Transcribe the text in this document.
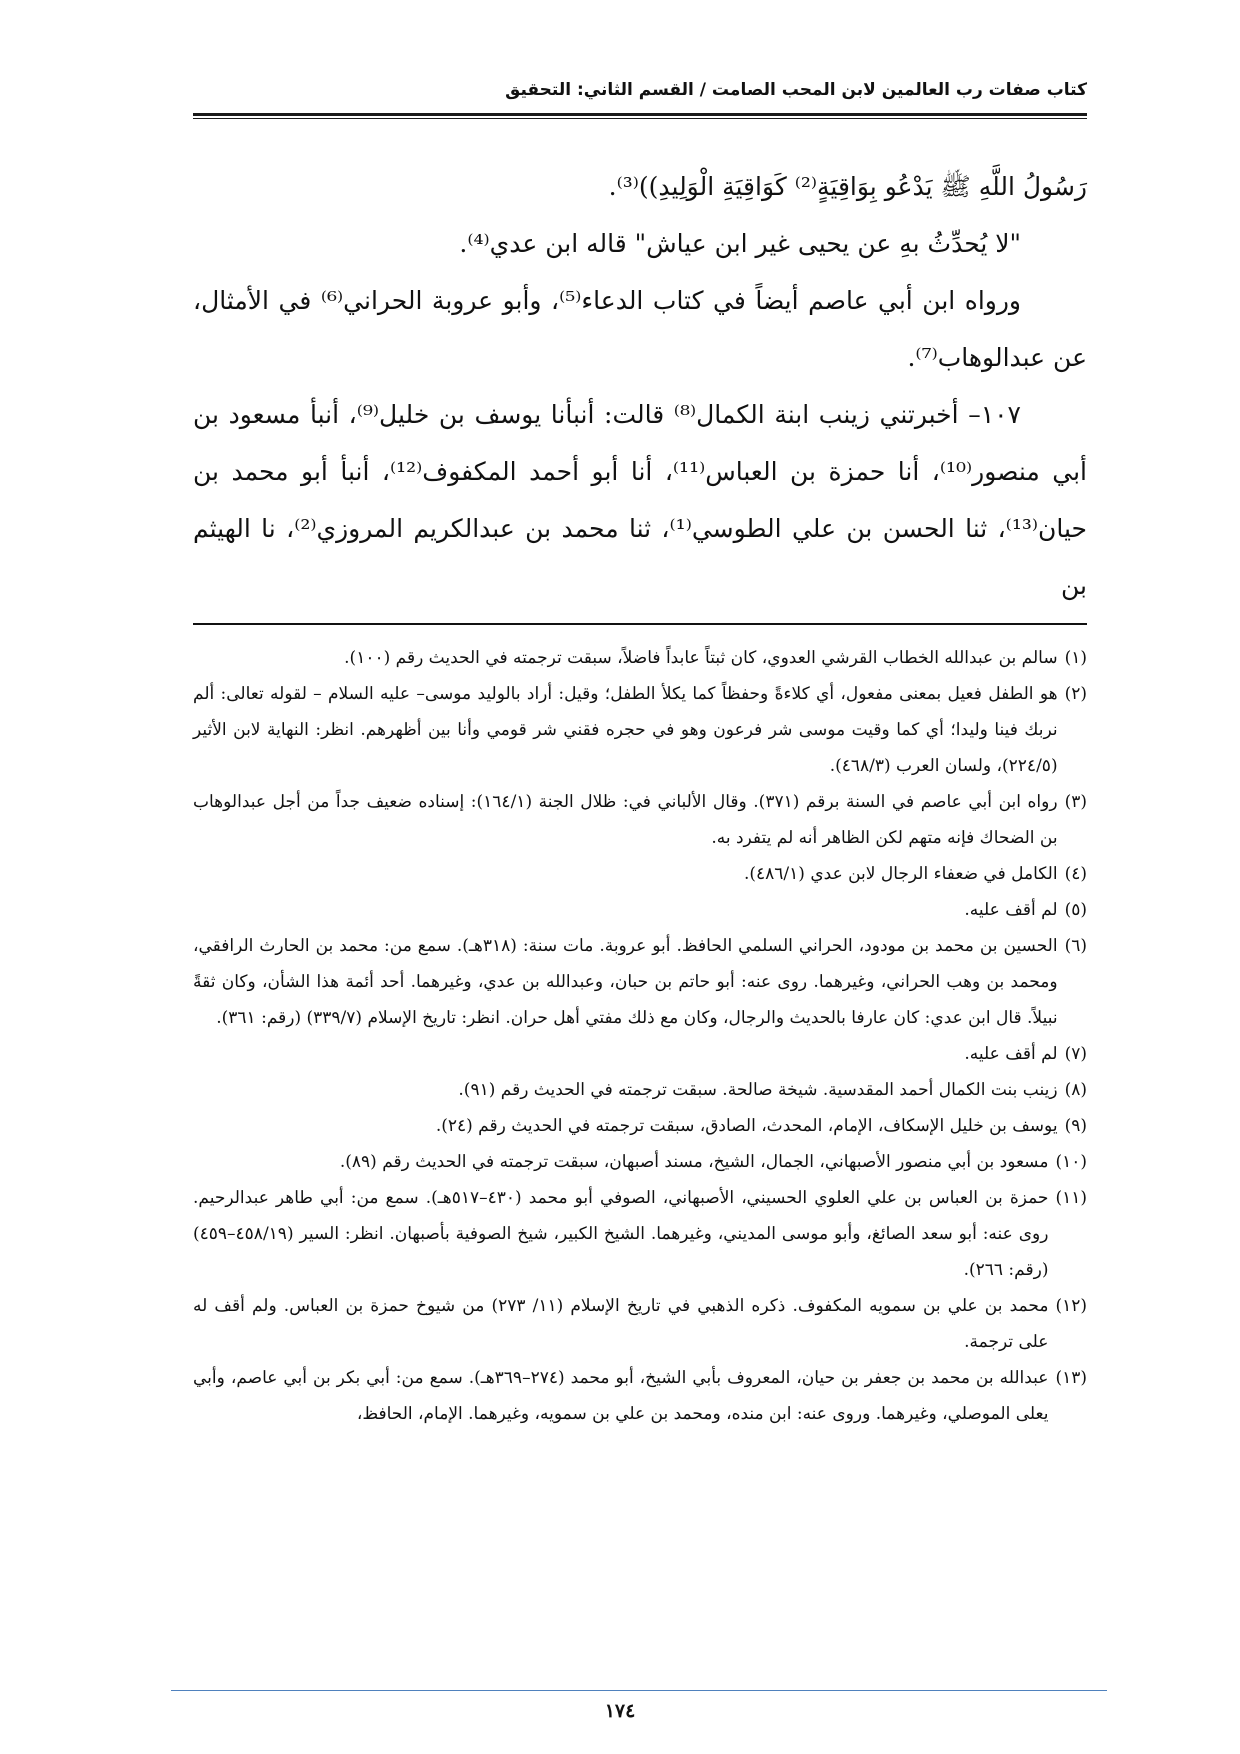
كتاب صفات رب العالمين لابن المحب الصامت / القسم الثاني: التحقيق

رَسُولُ اللَّهِ ﷺ يَدْعُو بِوَاقِيَةٍ⁽²⁾ كَوَاقِيَةِ الْوَلِيدِ))⁽³⁾.

"لا يُحدِّثُ بهِ عن يحيى غير ابن عياش" قاله ابن عدي⁽⁴⁾.

ورواه ابن أبي عاصم أيضاً في كتاب الدعاء⁽⁵⁾، وأبو عروبة الحراني⁽⁶⁾ في الأمثال، عن عبدالوهاب⁽⁷⁾.

١٠٧– أخبرتني زينب ابنة الكمال⁽⁸⁾ قالت: أنبأنا يوسف بن خليل⁽⁹⁾، أنبأ مسعود بن أبي منصور⁽¹⁰⁾، أنا حمزة بن العباس⁽¹¹⁾، أنا أبو أحمد المكفوف⁽¹²⁾، أنبأ أبو محمد بن حيان⁽¹³⁾، ثنا الحسن بن علي الطوسي⁽¹⁾، ثنا محمد بن عبدالكريم المروزي⁽²⁾، نا الهيثم بن

(١)
سالم بن عبدالله الخطاب القرشي العدوي، كان ثبتاً عابداً فاضلاً، سبقت ترجمته في الحديث رقم (١٠٠).
(٢)
هو الطفل فعيل بمعنى مفعول، أي كلاءةً وحفظاً كما يكلأ الطفل؛ وقيل: أراد بالوليد موسى– عليه السلام – لقوله تعالى: ألم نربك فينا وليدا؛ أي كما وقيت موسى شر فرعون وهو في حجره فقني شر قومي وأنا بين أظهرهم. انظر: النهاية لابن الأثير (٢٢٤/٥)، ولسان العرب (٤٦٨/٣).
(٣)
رواه ابن أبي عاصم في السنة برقم (٣٧١). وقال الألباني في: ظلال الجنة (١٦٤/١): إسناده ضعيف جداً من أجل عبدالوهاب بن الضحاك فإنه متهم لكن الظاهر أنه لم يتفرد به.
(٤)
الكامل في ضعفاء الرجال لابن عدي (٤٨٦/١).
(٥)
لم أقف عليه.
(٦)
الحسين بن محمد بن مودود، الحراني السلمي الحافظ. أبو عروبة. مات سنة: (٣١٨هـ). سمع من: محمد بن الحارث الرافقي، ومحمد بن وهب الحراني، وغيرهما. روى عنه: أبو حاتم بن حبان، وعبدالله بن عدي، وغيرهما. أحد أئمة هذا الشأن، وكان ثقةً نبيلاً. قال ابن عدي: كان عارفا بالحديث والرجال، وكان مع ذلك مفتي أهل حران. انظر: تاريخ الإسلام (٣٣٩/٧) (رقم: ٣٦١).
(٧)
لم أقف عليه.
(٨)
زينب بنت الكمال أحمد المقدسية. شيخة صالحة. سبقت ترجمته في الحديث رقم (٩١).
(٩)
يوسف بن خليل الإسكاف، الإمام، المحدث، الصادق، سبقت ترجمته في الحديث رقم (٢٤).
(١٠)
مسعود بن أبي منصور الأصبهاني، الجمال، الشيخ، مسند أصبهان، سبقت ترجمته في الحديث رقم (٨٩).
(١١)
حمزة بن العباس بن علي العلوي الحسيني، الأصبهاني، الصوفي أبو محمد (٤٣٠–٥١٧هـ). سمع من: أبي طاهر عبدالرحيم. روى عنه: أبو سعد الصائغ، وأبو موسى المديني، وغيرهما. الشيخ الكبير، شيخ الصوفية بأصبهان. انظر: السير (٤٥٨/١٩–٤٥٩) (رقم: ٢٦٦).
(١٢)
محمد بن علي بن سمويه المكفوف. ذكره الذهبي في تاريخ الإسلام (١١/ ٢٧٣) من شيوخ حمزة بن العباس. ولم أقف له على ترجمة.
(١٣)
عبدالله بن محمد بن جعفر بن حيان، المعروف بأبي الشيخ، أبو محمد (٢٧٤–٣٦٩هـ). سمع من: أبي بكر بن أبي عاصم، وأبي يعلى الموصلي، وغيرهما. وروى عنه: ابن منده، ومحمد بن علي بن سمويه، وغيرهما. الإمام، الحافظ،
١٧٤
